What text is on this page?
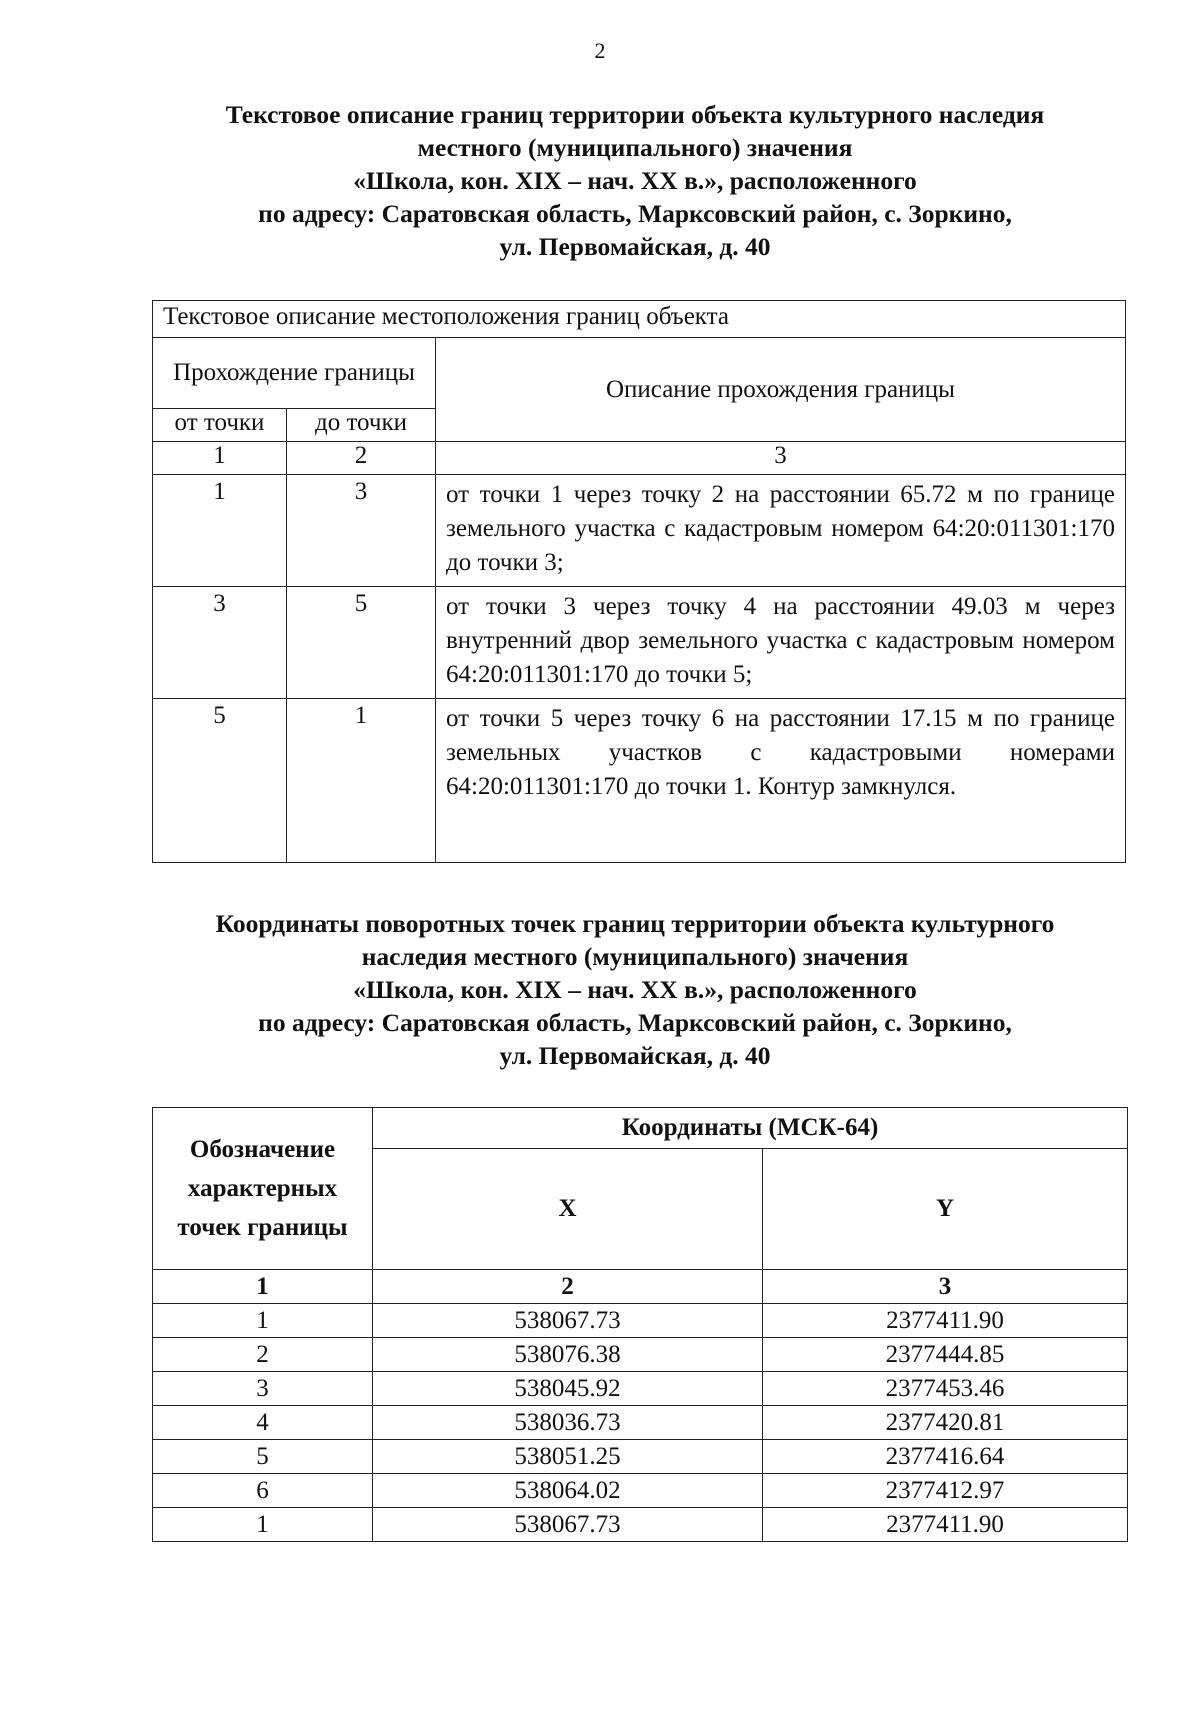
2

Текстовое описание границ территории объекта культурного наследия

местного (муниципального) значения

«Школа, кон. XIX – нач. XX в.», расположенного

по адресу: Саратовская область, Марксовский район, с. Зоркино,

ул. Первомайская, д. 40

Текстовое описание местоположения границ объекта		
Прохождение границы		Описание прохождения границы
от точки	до точки	
1	2	3
1	3	от точки 1 через точку 2 на расстоянии 65.72 м по границе земельного участка с кадастровым номером 64:20:011301:170 до точки 3;
3	5	от точки 3 через точку 4 на расстоянии 49.03 м через внутренний двор земельного участка с кадастровым номером 64:20:011301:170 до точки 5;
5	1	от точки 5 через точку 6 на расстоянии 17.15 м по границе земельных участков с кадастровыми номерами 64:20:011301:170 до точки 1. Контур замкнулся.

Координаты поворотных точек границ территории объекта культурного

наследия местного (муниципального) значения

«Школа, кон. XIX – нач. XX в.», расположенного

по адресу: Саратовская область, Марксовский район, с. Зоркино,

ул. Первомайская, д. 40

Обозначение характерных точек границы	Координаты (МСК-64)	
	X	Y
1	2	3
1	538067.73	2377411.90
2	538076.38	2377444.85
3	538045.92	2377453.46
4	538036.73	2377420.81
5	538051.25	2377416.64
6	538064.02	2377412.97
1	538067.73	2377411.90
